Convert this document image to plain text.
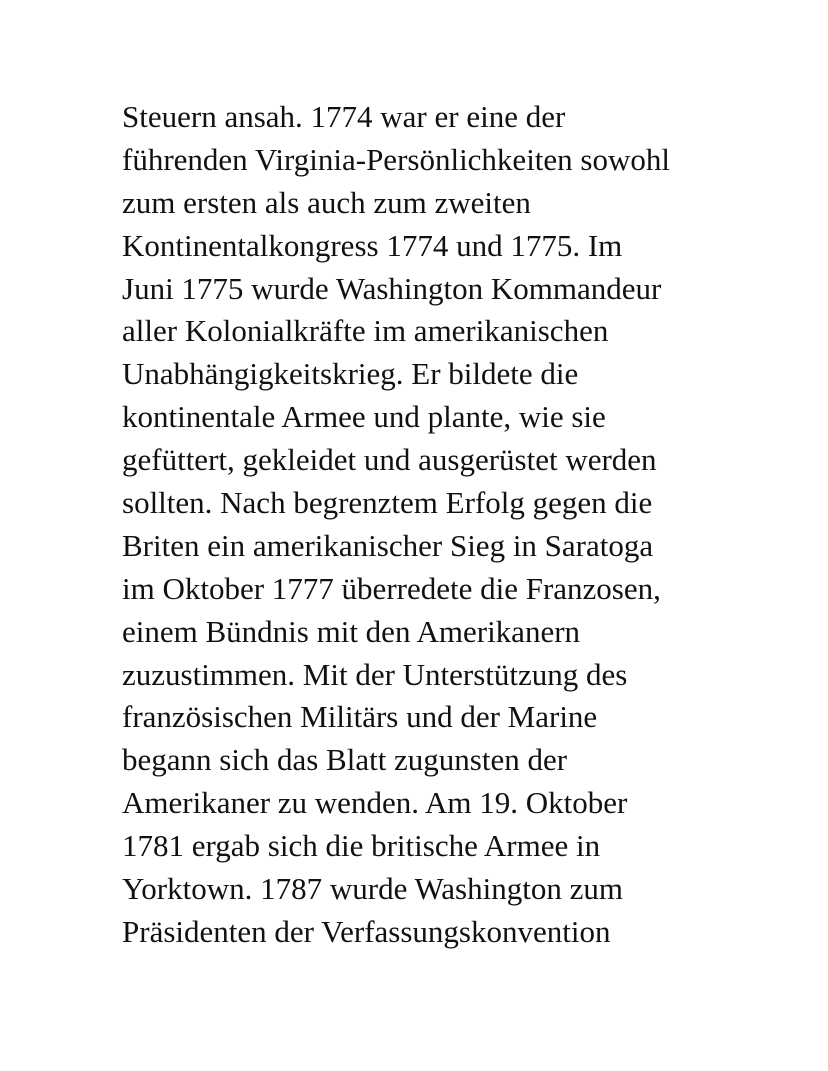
Steuern ansah. 1774 war er eine der
führenden Virginia-Persönlichkeiten sowohl
zum ersten als auch zum zweiten
Kontinentalkongress 1774 und 1775. Im
Juni 1775 wurde Washington Kommandeur
aller Kolonialkräfte im amerikanischen
Unabhängigkeitskrieg. Er bildete die
kontinentale Armee und plante, wie sie
gefüttert, gekleidet und ausgerüstet werden
sollten. Nach begrenztem Erfolg gegen die
Briten ein amerikanischer Sieg in Saratoga
im Oktober 1777 überredete die Franzosen,
einem Bündnis mit den Amerikanern
zuzustimmen. Mit der Unterstützung des
französischen Militärs und der Marine
begann sich das Blatt zugunsten der
Amerikaner zu wenden. Am 19. Oktober
1781 ergab sich die britische Armee in
Yorktown. 1787 wurde Washington zum
Präsidenten der Verfassungskonvention
